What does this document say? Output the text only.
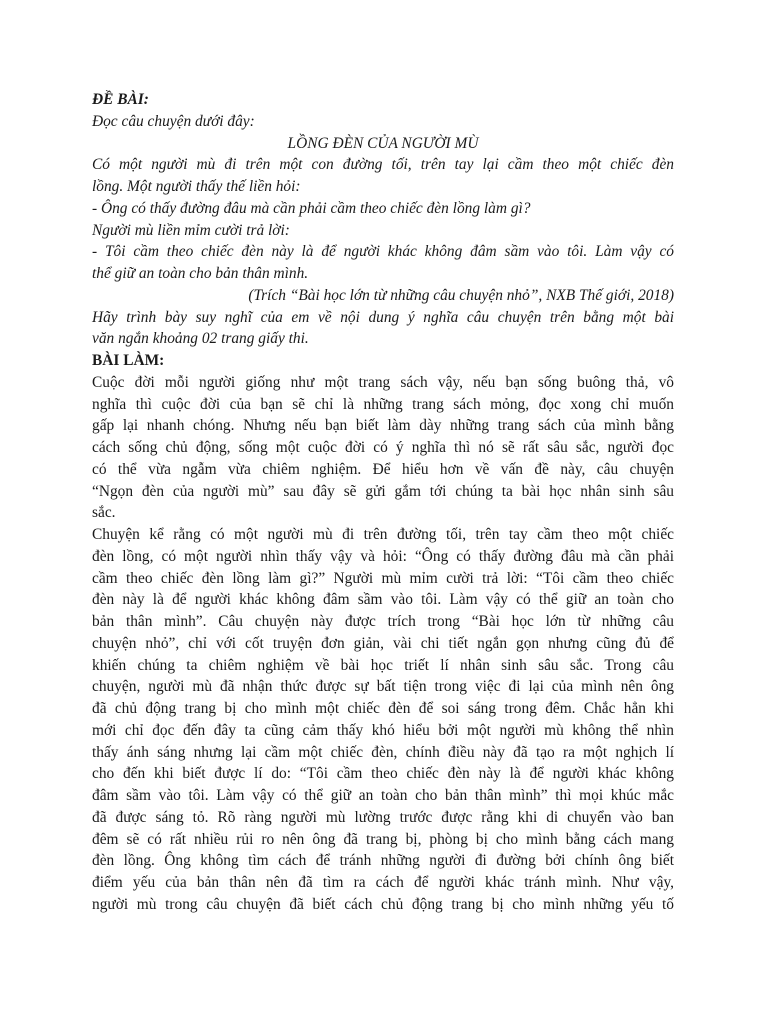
ĐỀ BÀI:
Đọc câu chuyện dưới đây:
LỒNG ĐÈN CỦA NGƯỜI MÙ
Có một người mù đi trên một con đường tối, trên tay lại cầm theo một chiếc đèn
lồng. Một người thấy thế liền hỏi:
- Ông có thấy đường đâu mà cần phải cầm theo chiếc đèn lồng làm gì?
Người mù liền mỉm cười trả lời:
- Tôi cầm theo chiếc đèn này là để người khác không đâm sầm vào tôi. Làm vậy có
thể giữ an toàn cho bản thân mình.
(Trích “Bài học lớn từ những câu chuyện nhỏ”, NXB Thế giới, 2018)
Hãy trình bày suy nghĩ của em về nội dung ý nghĩa câu chuyện trên bằng một bài
văn ngắn khoảng 02 trang giấy thi.
BÀI LÀM:
Cuộc đời mỗi người giống như một trang sách vậy, nếu bạn sống buông thả, vô
nghĩa thì cuộc đời của bạn sẽ chỉ là những trang sách mỏng, đọc xong chỉ muốn
gấp lại nhanh chóng. Nhưng nếu bạn biết làm dày những trang sách của mình bằng
cách sống chủ động, sống một cuộc đời có ý nghĩa thì nó sẽ rất sâu sắc, người đọc
có thể vừa ngẫm vừa chiêm nghiệm. Để hiểu hơn về vấn đề này, câu chuyện
“Ngọn đèn của người mù” sau đây sẽ gửi gắm tới chúng ta bài học nhân sinh sâu
sắc.
Chuyện kể rằng có một người mù đi trên đường tối, trên tay cầm theo một chiếc
đèn lồng, có một người nhìn thấy vậy và hỏi: “Ông có thấy đường đâu mà cần phải
cầm theo chiếc đèn lồng làm gì?” Người mù mỉm cười trả lời: “Tôi cầm theo chiếc
đèn này là để người khác không đâm sầm vào tôi. Làm vậy có thể giữ an toàn cho
bản thân mình”. Câu chuyện này được trích trong “Bài học lớn từ những câu
chuyện nhỏ”, chỉ với cốt truyện đơn giản, vài chi tiết ngắn gọn nhưng cũng đủ để
khiến chúng ta chiêm nghiệm về bài học triết lí nhân sinh sâu sắc. Trong câu
chuyện, người mù đã nhận thức được sự bất tiện trong việc đi lại của mình nên ông
đã chủ động trang bị cho mình một chiếc đèn để soi sáng trong đêm. Chắc hẳn khi
mới chỉ đọc đến đây ta cũng cảm thấy khó hiểu bởi một người mù không thể nhìn
thấy ánh sáng nhưng lại cầm một chiếc đèn, chính điều này đã tạo ra một nghịch lí
cho đến khi biết được lí do: “Tôi cầm theo chiếc đèn này là để người khác không
đâm sầm vào tôi. Làm vậy có thể giữ an toàn cho bản thân mình” thì mọi khúc mắc
đã được sáng tỏ. Rõ ràng người mù lường trước được rằng khi di chuyển vào ban
đêm sẽ có rất nhiều rủi ro nên ông đã trang bị, phòng bị cho mình bằng cách mang
đèn lồng. Ông không tìm cách để tránh những người đi đường bởi chính ông biết
điểm yếu của bản thân nên đã tìm ra cách để người khác tránh mình. Như vậy,
người mù trong câu chuyện đã biết cách chủ động trang bị cho mình những yếu tố
